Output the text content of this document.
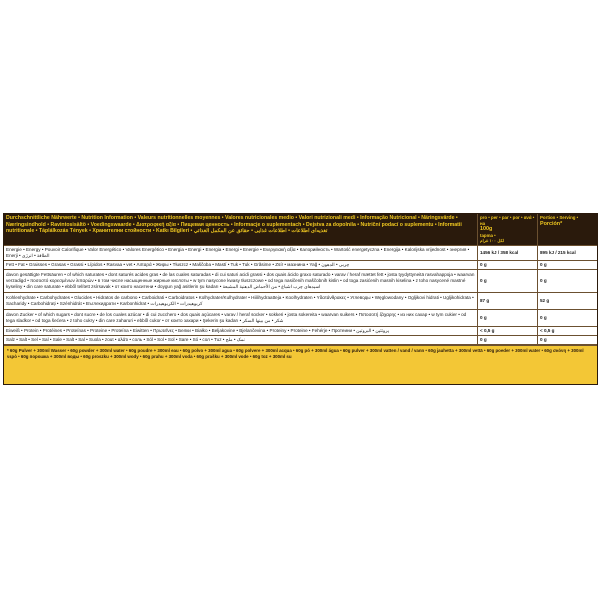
Durchschnittliche Nährwerte • Nutrition Information • Valeurs nutritionnelles moyennes • Valores nutricionales medio • Valori nutrizionali medi • Informação Nutricional • Näringsvärde • Næringsindhold • Ravintosisältö • Voedingswaarde • Διατροφική αξία • Пищевая ценность • Informacje o suplementach • Dejstva za dopolnila • Nutriční podací o suplementu • Informatii nutritionale • Táplálkozás Tények • Хранителни стойности • Katkı Bilgileri • ‏تغذیه‌ای اطلاعات • ‏اطلاعات غذایی • حقائق عن المكمل الغذائي
pro • per • par • por • ανά • на
100g
tapma •
لكل ١٠٠ غرام
Portion • Serving •
Porción*
Energie • Energy • Pouvoir Calorifique • Valor Energético • Valores Energético • Energia • Energi • Energia • Energi • Energie • Ενεργειακή αξία • Калорийность • Wartość energetyczna • Energija • Kalorijska vrijednost • энергия • Enerji • الطاقة • انرژی
1456 kJ / 358 kcal	895 kJ / 215 kcal
Fett • Fat • Graisses • Grasas • Grassi • Lípidos • Rasvaa • vet • Λιπαρά • Жиры • Tłuszcz • Maščoba • Mastí • Tuk • Tuk • Grăsime • Zsír • мазнина • Yağ • چربی • الدهون	0 g	0 g
davon gesättigte Fettsäuren • of which saturates • dont saturés acides gras • de las cuales saturadas • di cui saturi acidi grassi • dos quais ácido graxo saturado • varav / heraf mættet fett • josta tyydyttyneitä rasvahappoja • waarvan verzadigd • ποσοστό κορεσμένων λιπαρών • в том числе насыщенные жирные кислоты • w tym nasycone kwasy tłuszczowe • od tega nasičenih maščobnih kislin • od toga zasićenih masnih kiselina • z toho nasycené mastné kyseliny • din care saturate • ebből telített zsírsavak • от които наситени • doygun yağ asitlerin şu kadarı • اسیدهای چرب اشباع • من الأحماض الدهنية المشبعة
0 g	0 g
Kohlenhydrate • Carbohydrates • Glucides • Hidratos de carbono • Carboidrati • Carboidratos • Kolhydrater/Kulhydrater • Hiilihydraatteja • Koolhydraten • Υδατάνθρακες • Углеводы • Węglowodany • Ogljikovi hidrati • Ugljikohidrata • Sacharidy • Carbohidrați • Szénhidrát • Въглехидрати • Karbonhidrat • کربوهیدرات • الكربوهيدرات
87 g	52 g
davon Zucker • of which sugars • dont sucre • de los cuales azúcar • di cui zucchero • dos quais açúcares • varav / heraf socker • sokkeri • josta sokereita • waarvan suikers • Πιποσοτή ζάχαρης • из них сахар • w tym cukier • od tega sladkor • od toga šećera • z toho cukry • din care zaharuri • ebből cukor • от които захари • Şekerin şu kadarı • شکر • من بينها السكر
0 g	0 g
Eiweiß • Protein • Protéines • Proteínas • Proteine • Proteína • Eiwitten • Πρωτεΐνες • Белки • Białko • Beljakovine • Bjelančevina • Proteiny • Proteine • Fehérje • Протеини • پروتئین • البروتين	< 0,5 g	< 0,5 g
Salz • Salt • Sel • Sal • Sale • Salt • Sal • Suola • zout • αλάτι • соль • Sól • Sol • Sol • Sare • Só • сол • Tuz • نمک • ملح	0 g	0 g
* 60g Pulver + 300ml Wasser • 60g powder + 300ml water • 60g poudre + 300ml eau • 60g polvo + 300ml agua • 60g polvere + 300ml acqua • 60g pó + 300ml água • 60g pulver + 300ml vatten / vand / vann • 60g jauhetta + 300ml vettä • 60g poeder + 300ml water • 60g σκόνη + 300ml νερό • 60g порошка + 300ml воды • 60g proszku + 300ml wody • 60g prahu + 300ml voda • 60g prašku + 300ml vode • 60g toz + 300ml su
